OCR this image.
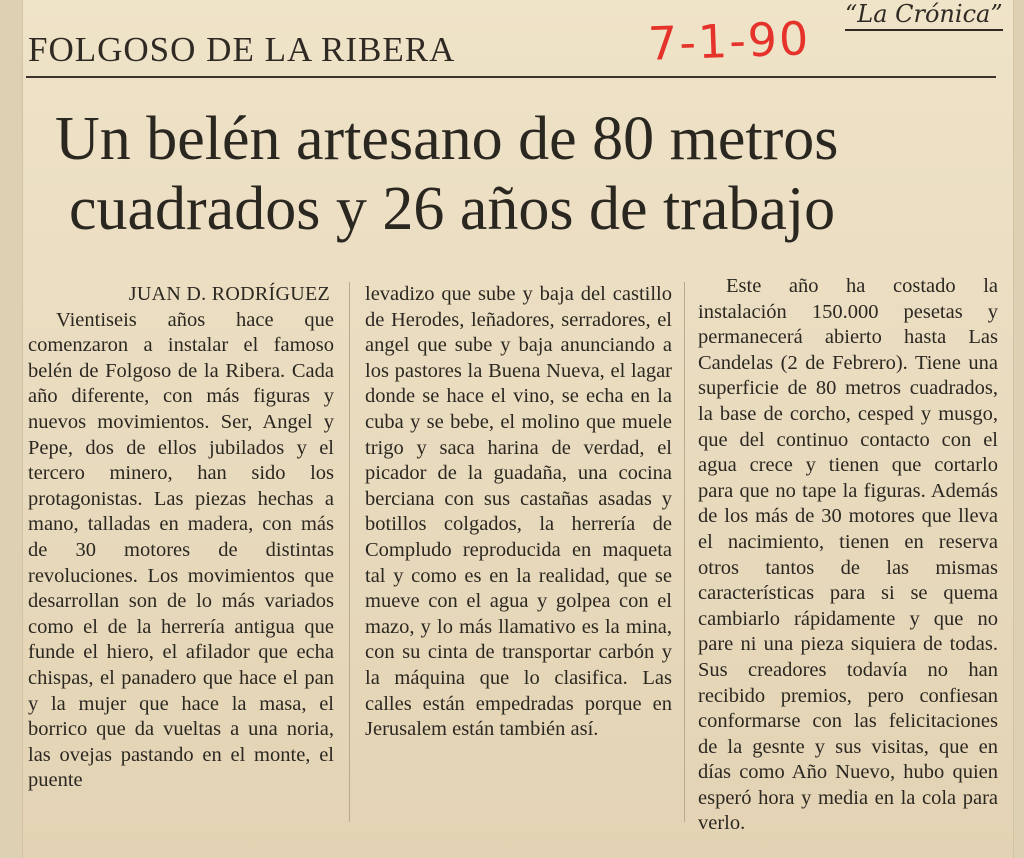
FOLGOSO DE LA RIBERA	7-1-90 “La Crónica”
Un belén artesano de 80 metros
cuadrados y 26 años de trabajo

JUAN D. RODRÍGUEZ

Vientiseis años hace que comenzaron a instalar el famoso belén de Folgoso de la Ribera. Cada año diferente, con más figuras y nuevos movimientos. Ser, Angel y Pepe, dos de ellos jubilados y el tercero minero, han sido los protagonistas. Las piezas hechas a mano, talladas en madera, con más de 30 motores de distintas revoluciones. Los movimientos que desarrollan son de lo más variados como el de la herrería antigua que funde el hiero, el afilador que echa chispas, el panadero que hace el pan y la mujer que hace la masa, el borrico que da vueltas a una noria, las ovejas pastando en el monte, el puente

levadizo que sube y baja del castillo de Herodes, leñadores, serradores, el angel que sube y baja anunciando a los pastores la Buena Nueva, el lagar donde se hace el vino, se echa en la cuba y se bebe, el molino que muele trigo y saca harina de verdad, el picador de la guadaña, una cocina berciana con sus castañas asadas y botillos colgados, la herrería de Compludo reproducida en maqueta tal y como es en la realidad, que se mueve con el agua y golpea con el mazo, y lo más llamativo es la mina, con su cinta de transportar carbón y la máquina que lo clasifica. Las calles están empedradas porque en Jerusalem están también así.

Este año ha costado la instalación 150.000 pesetas y permanecerá abierto hasta Las Candelas (2 de Febrero). Tiene una superficie de 80 metros cuadrados, la base de corcho, cesped y musgo, que del continuo contacto con el agua crece y tienen que cortarlo para que no tape la figuras. Además de los más de 30 motores que lleva el nacimiento, tienen en reserva otros tantos de las mismas características para si se quema cambiarlo rápidamente y que no pare ni una pieza siquiera de todas. Sus creadores todavía no han recibido premios, pero confiesan conformarse con las felicitaciones de la gesnte y sus visitas, que en días como Año Nuevo, hubo quien esperó hora y media en la cola para verlo.
